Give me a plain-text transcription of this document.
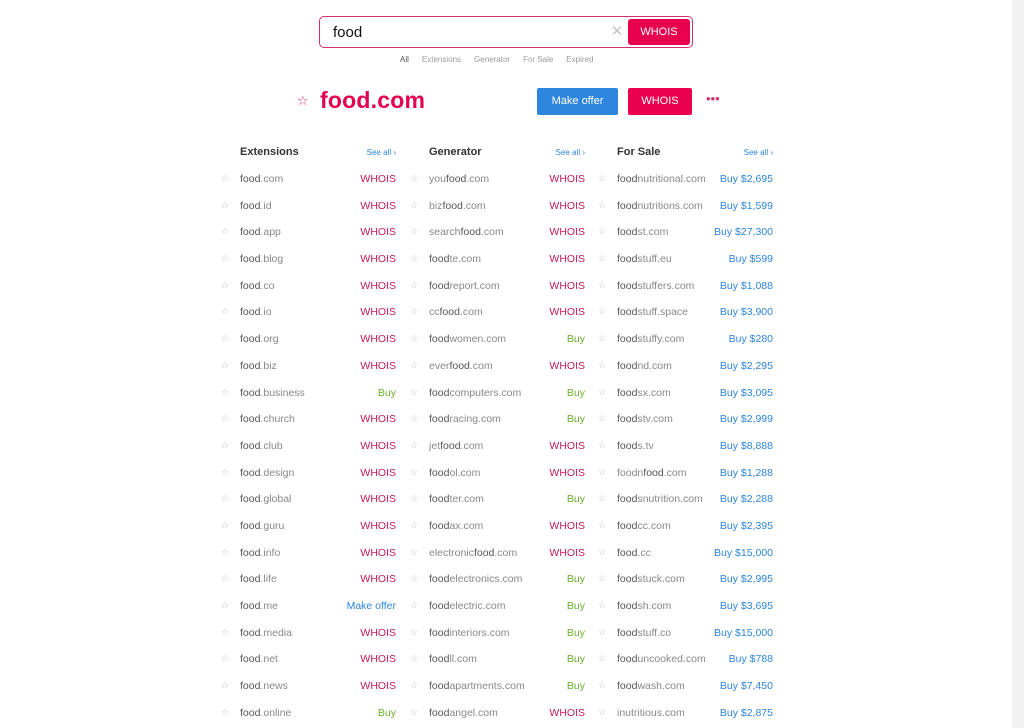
food
✕	WHOIS
All Extensions Generator For Sale Expired
☆ food.com	Make offer	WHOIS	•••
Extensions	See all ›
☆ food.com	WHOIS
☆ food.id	WHOIS
☆ food.app	WHOIS
☆ food.blog	WHOIS
☆ food.co	WHOIS
☆ food.io	WHOIS
☆ food.org	WHOIS
☆ food.biz	WHOIS
☆ food.business	Buy
☆ food.church	WHOIS
☆ food.club	WHOIS
☆ food.design	WHOIS
☆ food.global	WHOIS
☆ food.guru	WHOIS
☆ food.info	WHOIS
☆ food.life	WHOIS
☆ food.me	Make offer
☆ food.media	WHOIS
☆ food.net	WHOIS
☆ food.news	WHOIS
☆ food.online	Buy
Generator	See all ›
☆ youfood.com	WHOIS
☆ bizfood.com	WHOIS
☆ searchfood.com	WHOIS
☆ foodte.com	WHOIS
☆ foodreport.com	WHOIS
☆ ccfood.com	WHOIS
☆ foodwomen.com	Buy
☆ everfood.com	WHOIS
☆ foodcomputers.com	Buy
☆ foodracing.com	Buy
☆ jetfood.com	WHOIS
☆ foodol.com	WHOIS
☆ foodter.com	Buy
☆ foodax.com	WHOIS
☆ electronicfood.com	WHOIS
☆ foodelectronics.com	Buy
☆ foodelectric.com	Buy
☆ foodinteriors.com	Buy
☆ foodll.com	Buy
☆ foodapartments.com	Buy
☆ foodangel.com	WHOIS
For Sale	See all ›
☆ foodnutritional.com Buy $2,695
☆ foodnutritions.com Buy $1,599
☆ foodst.com	Buy $27,300
☆ foodstuff.eu	Buy $599
☆ foodstuffers.com Buy $1,088
☆ foodstuff.space	Buy $3,900
☆ foodstuffy.com	Buy $280
☆ foodnd.com	Buy $2,295
☆ foodsx.com	Buy $3,095
☆ foodstv.com	Buy $2,999
☆ foods.tv	Buy $8,888
☆ foodnfood.com	Buy $1,288
☆ foodsnutrition.com Buy $2,288
☆ foodcc.com	Buy $2,395
☆ food.cc	Buy $15,000
☆ foodstuck.com	Buy $2,995
☆ foodsh.com	Buy $3,695
☆ foodstuff.co	Buy $15,000
☆ fooduncooked.com Buy $788
☆ foodwash.com	Buy $7,450
☆ inutritious.com	Buy $2,875
